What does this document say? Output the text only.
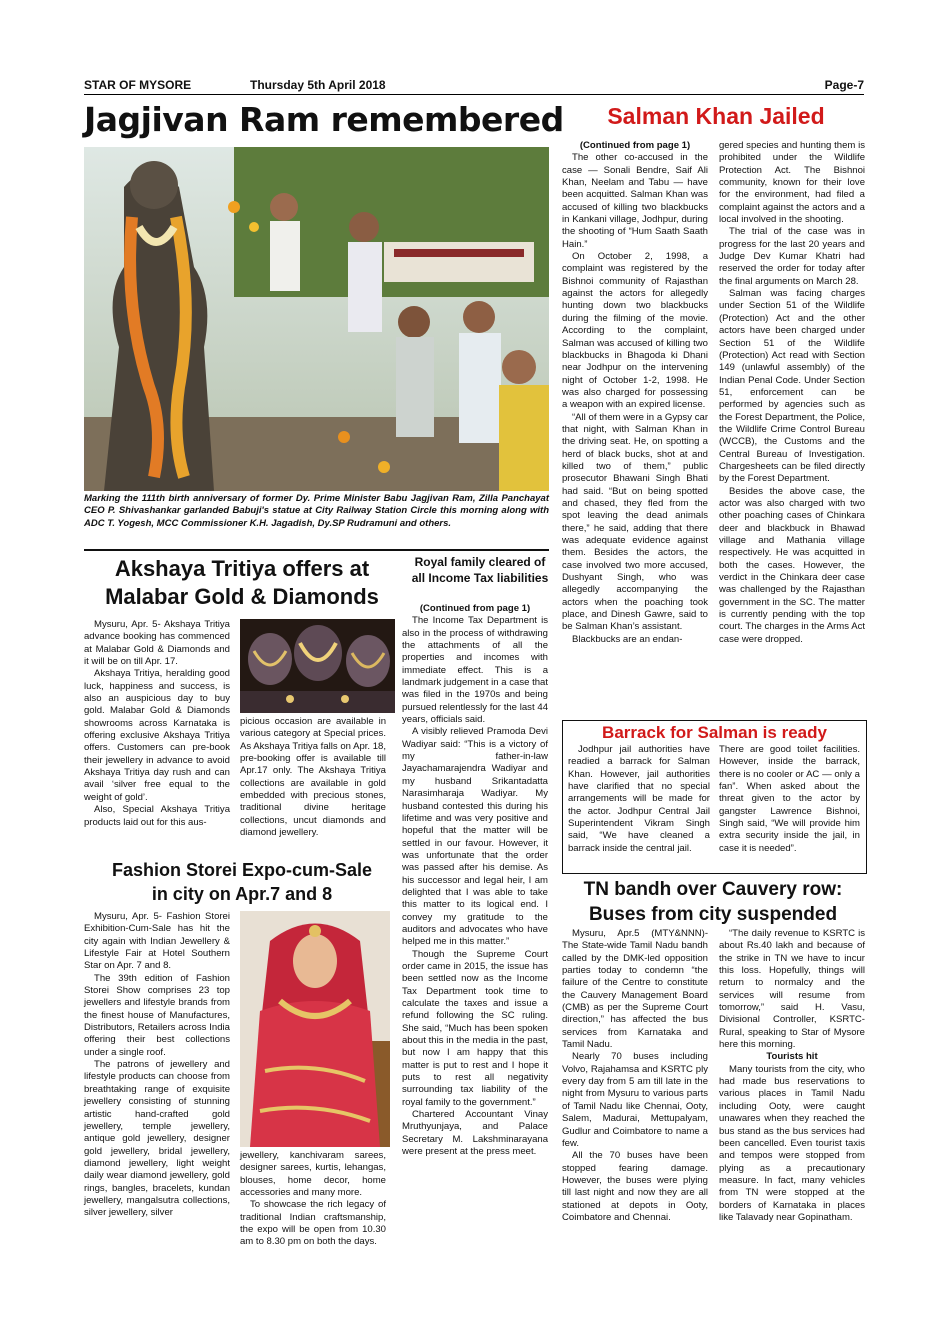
STAR OF MYSORE	Thursday 5th April 2018	Page-7
Jagjivan Ram remembered
Marking the 111th birth anniversary of former Dy. Prime Minister Babu Jagjivan Ram, Zilla Panchayat CEO P. Shivashankar garlanded Babuji's statue at City Railway Station Circle this morning along with ADC T. Yogesh, MCC Commissioner K.H. Jagadish, Dy.SP Rudramuni and others.
Salman Khan Jailed

(Continued from page 1)

The other co-accused in the case — Sonali Bendre, Saif Ali Khan, Neelam and Tabu — have been acquitted. Salman Khan was accused of killing two blackbucks in Kankani village, Jodhpur, during the shooting of “Hum Saath Saath Hain.”

On October 2, 1998, a complaint was registered by the Bishnoi community of Rajasthan against the actors for allegedly hunting down two blackbucks during the filming of the movie. According to the complaint, Salman was accused of killing two blackbucks in Bhagoda ki Dhani near Jodhpur on the intervening night of October 1-2, 1998. He was also charged for possessing a weapon with an expired license.

“All of them were in a Gypsy car that night, with Salman Khan in the driving seat. He, on spotting a herd of black bucks, shot at and killed two of them,” public prosecutor Bhawani Singh Bhati had said. “But on being spotted and chased, they fled from the spot leaving the dead animals there,” he said, adding that there was adequate evidence against them. Besides the actors, the case involved two more accused, Dushyant Singh, who was allegedly accompanying the actors when the poaching took place, and Dinesh Gawre, said to be Salman Khan’s assistant.

Blackbucks are an endan-

gered species and hunting them is prohibited under the Wildlife Protection Act. The Bishnoi community, known for their love for the environment, had filed a complaint against the actors and a local involved in the shooting.

The trial of the case was in progress for the last 20 years and Judge Dev Kumar Khatri had reserved the order for today after the final arguments on March 28.

Salman was facing charges under Section 51 of the Wildlife (Protection) Act and the other actors have been charged under Section 51 of the Wildlife (Protection) Act read with Section 149 (unlawful assembly) of the Indian Penal Code. Under Section 51, enforcement can be performed by agencies such as the Forest Department, the Police, the Wildlife Crime Control Bureau (WCCB), the Customs and the Central Bureau of Investigation. Chargesheets can be filed directly by the Forest Department.

Besides the above case, the actor was also charged with two other poaching cases of Chinkara deer and blackbuck in Bhawad village and Mathania village respectively. He was acquitted in both the cases. However, the verdict in the Chinkara deer case was challenged by the Rajasthan government in the SC. The matter is currently pending with the top court. The charges in the Arms Act case were dropped.

Barrack for Salman is ready

Jodhpur jail authorities have readied a barrack for Salman Khan. However, jail authorities have clarified that no special arrangements will be made for the actor. Jodhpur Central Jail Superintendent Vikram Singh said, “We have cleaned a barrack inside the central jail.

There are good toilet facilities. However, inside the barrack, there is no cooler or AC — only a fan”. When asked about the threat given to the actor by gangster Lawrence Bishnoi, Singh said, “We will provide him extra security inside the jail, in case it is needed”.

Akshaya Tritiya offers at
Malabar Gold & Diamonds

Mysuru, Apr. 5- Akshaya Tritiya advance booking has commenced at Malabar Gold & Diamonds and it will be on till Apr. 17.

Akshaya Tritiya, heralding good luck, happiness and success, is also an auspicious day to buy gold. Malabar Gold & Diamonds showrooms across Karnataka is offering exclusive Akshaya Tritiya offers. Customers can pre-book their jewellery in advance to avoid Akshaya Tritiya day rush and can avail ‘silver free equal to the weight of gold’.

Also, Special Akshaya Tritiya products laid out for this aus-

picious occasion are available in various category at Special prices. As Akshaya Tritiya falls on Apr. 18, pre-booking offer is available till Apr.17 only. The Akshaya Tritiya collections are available in gold embedded with precious stones, traditional divine heritage collections, uncut diamonds and diamond jewellery.

Royal family cleared of all Income Tax liabilities

(Continued from page 1)

The Income Tax Department is also in the process of withdrawing the attachments of all the properties and incomes with immediate effect. This is a landmark judgement in a case that was filed in the 1970s and being pursued relentlessly for the last 44 years, officials said.

A visibly relieved Pramoda Devi Wadiyar said: “This is a victory of my father-in-law Jayachamarajendra Wadiyar and my husband Srikantadatta Narasimharaja Wadiyar. My husband contested this during his lifetime and was very positive and hopeful that the matter will be settled in our favour. However, it was unfortunate that the order was passed after his demise. As his successor and legal heir, I am delighted that I was able to take this matter to its logical end. I convey my gratitude to the auditors and advocates who have helped me in this matter.”

Though the Supreme Court order came in 2015, the issue has been settled now as the Income Tax Department took time to calculate the taxes and issue a refund following the SC ruling. She said, “Much has been spoken about this in the media in the past, but now I am happy that this matter is put to rest and I hope it puts to rest all negativity surrounding tax liability of the royal family to the government.”

Chartered Accountant Vinay Mruthyunjaya, and Palace Secretary M. Lakshminarayana were present at the press meet.

Fashion Storei Expo-cum-Sale
in city on Apr.7 and 8

Mysuru, Apr. 5- Fashion Storei Exhibition-Cum-Sale has hit the city again with Indian Jewellery & Lifestyle Fair at Hotel Southern Star on Apr. 7 and 8.

The 39th edition of Fashion Storei Show comprises 23 top jewellers and lifestyle brands from the finest house of Manufactures, Distributors, Retailers across India offering their best collections under a single roof.

The patrons of jewellery and lifestyle products can choose from breathtaking range of exquisite jewellery consisting of stunning artistic hand-crafted gold jewellery, temple jewellery, antique gold jewellery, designer gold jewellery, bridal jewellery, diamond jewellery, light weight daily wear diamond jewellery, gold rings, bangles, bracelets, kundan jewellery, mangalsutra collections, silver jewellery, silver

jewellery, kanchivaram sarees, designer sarees, kurtis, lehangas, blouses, home decor, home accessories and many more.

To showcase the rich legacy of traditional Indian craftsmanship, the expo will be open from 10.30 am to 8.30 pm on both the days.

TN bandh over Cauvery row:
Buses from city suspended

Mysuru, Apr.5 (MTY&NNN)- The State-wide Tamil Nadu bandh called by the DMK-led opposition parties today to condemn “the failure of the Centre to constitute the Cauvery Management Board (CMB) as per the Supreme Court direction,” has affected the bus services from Karnataka and Tamil Nadu.

Nearly 70 buses including Volvo, Rajahamsa and KSRTC ply every day from 5 am till late in the night from Mysuru to various parts of Tamil Nadu like Chennai, Ooty, Salem, Madurai, Mettupalyam, Gudlur and Coimbatore to name a few.

All the 70 buses have been stopped fearing damage. However, the buses were plying till last night and now they are all stationed at depots in Ooty, Coimbatore and Chennai.

“The daily revenue to KSRTC is about Rs.40 lakh and because of the strike in TN we have to incur this loss. Hopefully, things will return to normalcy and the services will resume from tomorrow,” said H. Vasu, Divisional Controller, KSRTC-Rural, speaking to Star of Mysore here this morning.

Tourists hit

Many tourists from the city, who had made bus reservations to various places in Tamil Nadu including Ooty, were caught unawares when they reached the bus stand as the bus services had been cancelled. Even tourist taxis and tempos were stopped from plying as a precautionary measure. In fact, many vehicles from TN were stopped at the borders of Karnataka in places like Talavady near Gopinatham.
